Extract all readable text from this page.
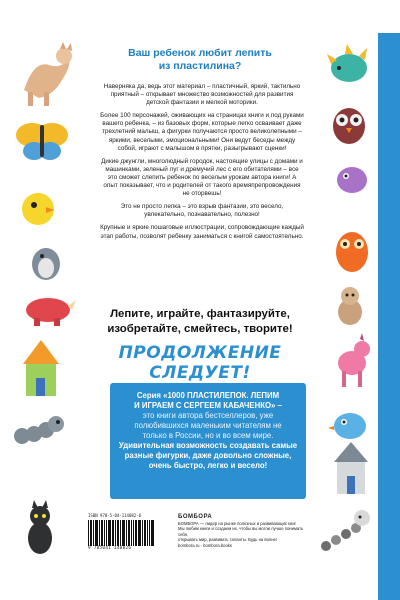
Ваш ребенок любит лепить
из пластилина?

Наверняка да, ведь этот материал – пластичный, яркий, тактильно приятный – открывает множество возможностей для развития детской фантазии и мелкой моторики.

Более 100 персонажей, оживающих на страницах книги и под руками вашего ребенка, – из базовых форм, которые легко осваивает даже трехлетний малыш, а фигурки получаются просто великолепными – яркими, веселыми, эмоциональными! Они ведут беседы между собой, играют с малышом в прятки, разыгрывают сценки!

Дикие джунгли, многолюдный городок, настоящие улицы с домами и машинками, зеленый луг и дремучий лес с его обитателями – все это сможет слепить ребенок по веселым урокам автора книги! А опыт показывает, что и родителей от такого времяпрепровождения не оторвешь!

Это не просто лепка – это взрыв фантазии, это весело, увлекательно, познавательно, полезно!

Крупные и яркие пошаговые иллюстрации, сопровождающие каждый этап работы, позволят ребенку заниматься с книгой самостоятельно.

Лепите, играйте, фантазируйте,
изобретайте, смейтесь, творите!
ПРОДОЛЖЕНИЕ СЛЕДУЕТ!

Серия «1000 ПЛАСТИЛЕПОК. ЛЕПИМ

И ИГРАЕМ С СЕРГЕЕМ КАБАЧЕНКО» –

это книги автора бестселлеров, уже

полюбившихся маленьким читателям не

только в России, но и во всем мире.

Удивительная возможность создавать самые

разные фигурки, даже довольно сложные,

очень быстро, легко и весело!

ISBN 978-5-04-114082-6
9 785041 140826
БОМБОРА
БОМБОРА — лидер на рынке полезных и развивающих книг
Мы любим книги и создаем их, чтобы вы могли лучше понимать себя,
открывать мир, развивать таланты. Будь на волне!
bombora.ru · bombora.books
